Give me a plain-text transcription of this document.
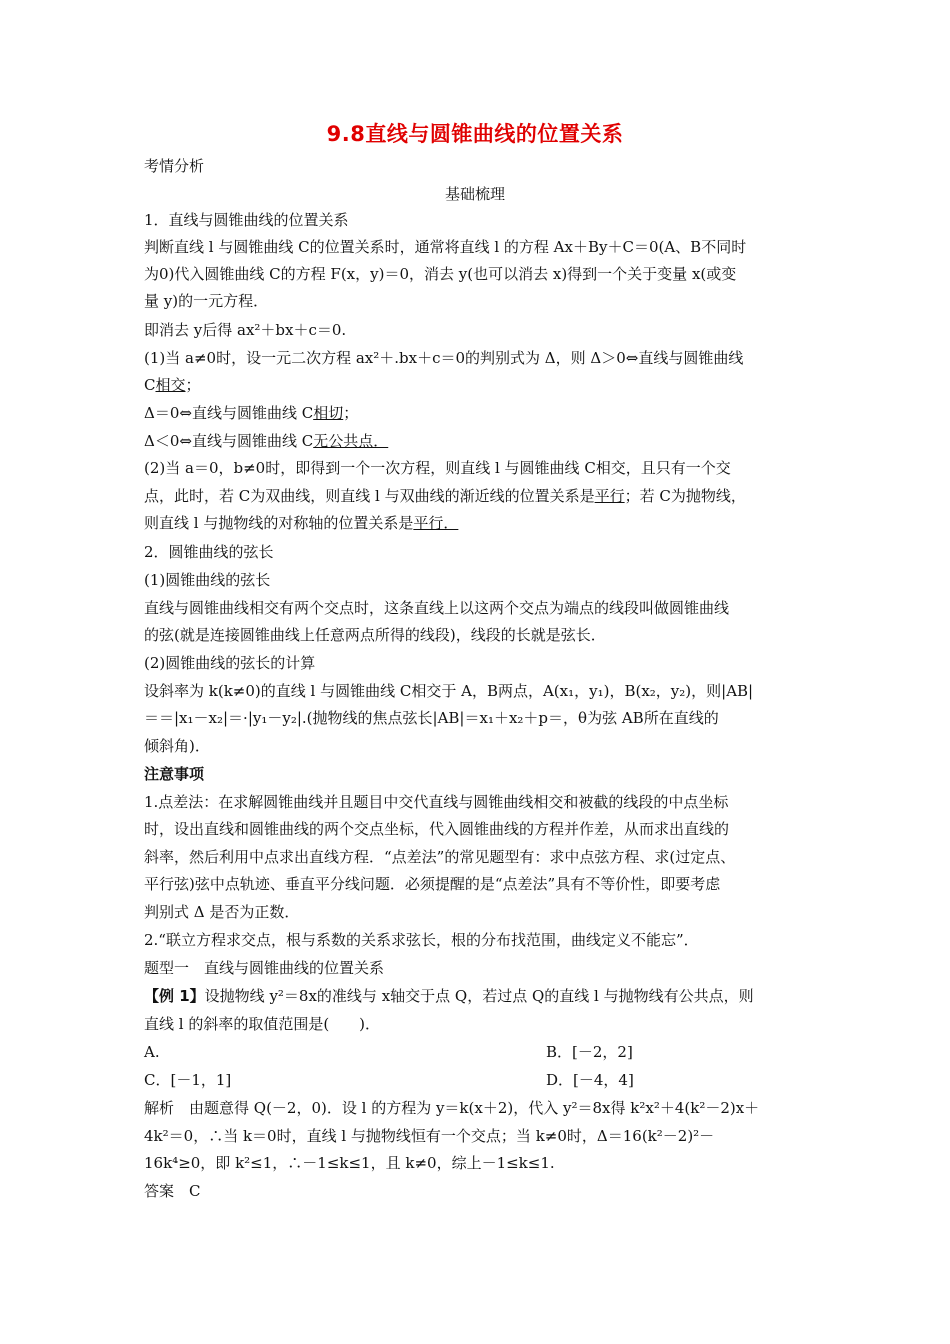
9.8直线与圆锥曲线的位置关系
考情分析
基础梳理
1．直线与圆锥曲线的位置关系
判断直线 l 与圆锥曲线 C的位置关系时，通常将直线 l 的方程 Ax＋By＋C＝0(A、B不同时
为0)代入圆锥曲线 C的方程 F(x，y)＝0，消去 y(也可以消去 x)得到一个关于变量 x(或变
量 y)的一元方程．
即消去 y后得 ax²＋bx＋c＝0.
(1)当 a≠0时，设一元二次方程 ax²＋.bx＋c＝0的判别式为 Δ，则 Δ＞0⇔直线与圆锥曲线
C相交；
Δ＝0⇔直线与圆锥曲线 C相切；
Δ＜0⇔直线与圆锥曲线 C无公共点．
(2)当 a＝0，b≠0时，即得到一个一次方程，则直线 l 与圆锥曲线 C相交，且只有一个交
点，此时，若 C为双曲线，则直线 l 与双曲线的渐近线的位置关系是平行；若 C为抛物线，
则直线 l 与抛物线的对称轴的位置关系是平行．
2．圆锥曲线的弦长
(1)圆锥曲线的弦长
直线与圆锥曲线相交有两个交点时，这条直线上以这两个交点为端点的线段叫做圆锥曲线
的弦(就是连接圆锥曲线上任意两点所得的线段)，线段的长就是弦长．
(2)圆锥曲线的弦长的计算
设斜率为 k(k≠0)的直线 l 与圆锥曲线 C相交于 A，B两点，A(x₁，y₁)，B(x₂，y₂)，则|AB|
＝＝|x₁－x₂|＝·|y₁－y₂|.(抛物线的焦点弦长|AB|＝x₁＋x₂＋p＝，θ为弦 AB所在直线的
倾斜角)．
注意事项
1.点差法：在求解圆锥曲线并且题目中交代直线与圆锥曲线相交和被截的线段的中点坐标
时，设出直线和圆锥曲线的两个交点坐标，代入圆锥曲线的方程并作差，从而求出直线的
斜率，然后利用中点求出直线方程．“点差法”的常见题型有：求中点弦方程、求(过定点、
平行弦)弦中点轨迹、垂直平分线问题．必须提醒的是“点差法”具有不等价性，即要考虑
判别式 Δ 是否为正数．
2.“联立方程求交点，根与系数的关系求弦长，根的分布找范围，曲线定义不能忘”．
题型一　直线与圆锥曲线的位置关系
【例 1】设抛物线 y²＝8x的准线与 x轴交于点 Q，若过点 Q的直线 l 与抛物线有公共点，则
直线 l 的斜率的取值范围是(　　)．
A.	B．[－2，2]
C．[－1，1]	D．[－4，4]
解析　由题意得 Q(－2，0)．设 l 的方程为 y＝k(x＋2)，代入 y²＝8x得 k²x²＋4(k²－2)x＋
4k²＝0，∴当 k＝0时，直线 l 与抛物线恒有一个交点；当 k≠0时，Δ＝16(k²－2)²－
16k⁴≥0，即 k²≤1，∴－1≤k≤1，且 k≠0，综上－1≤k≤1.
答案　C
